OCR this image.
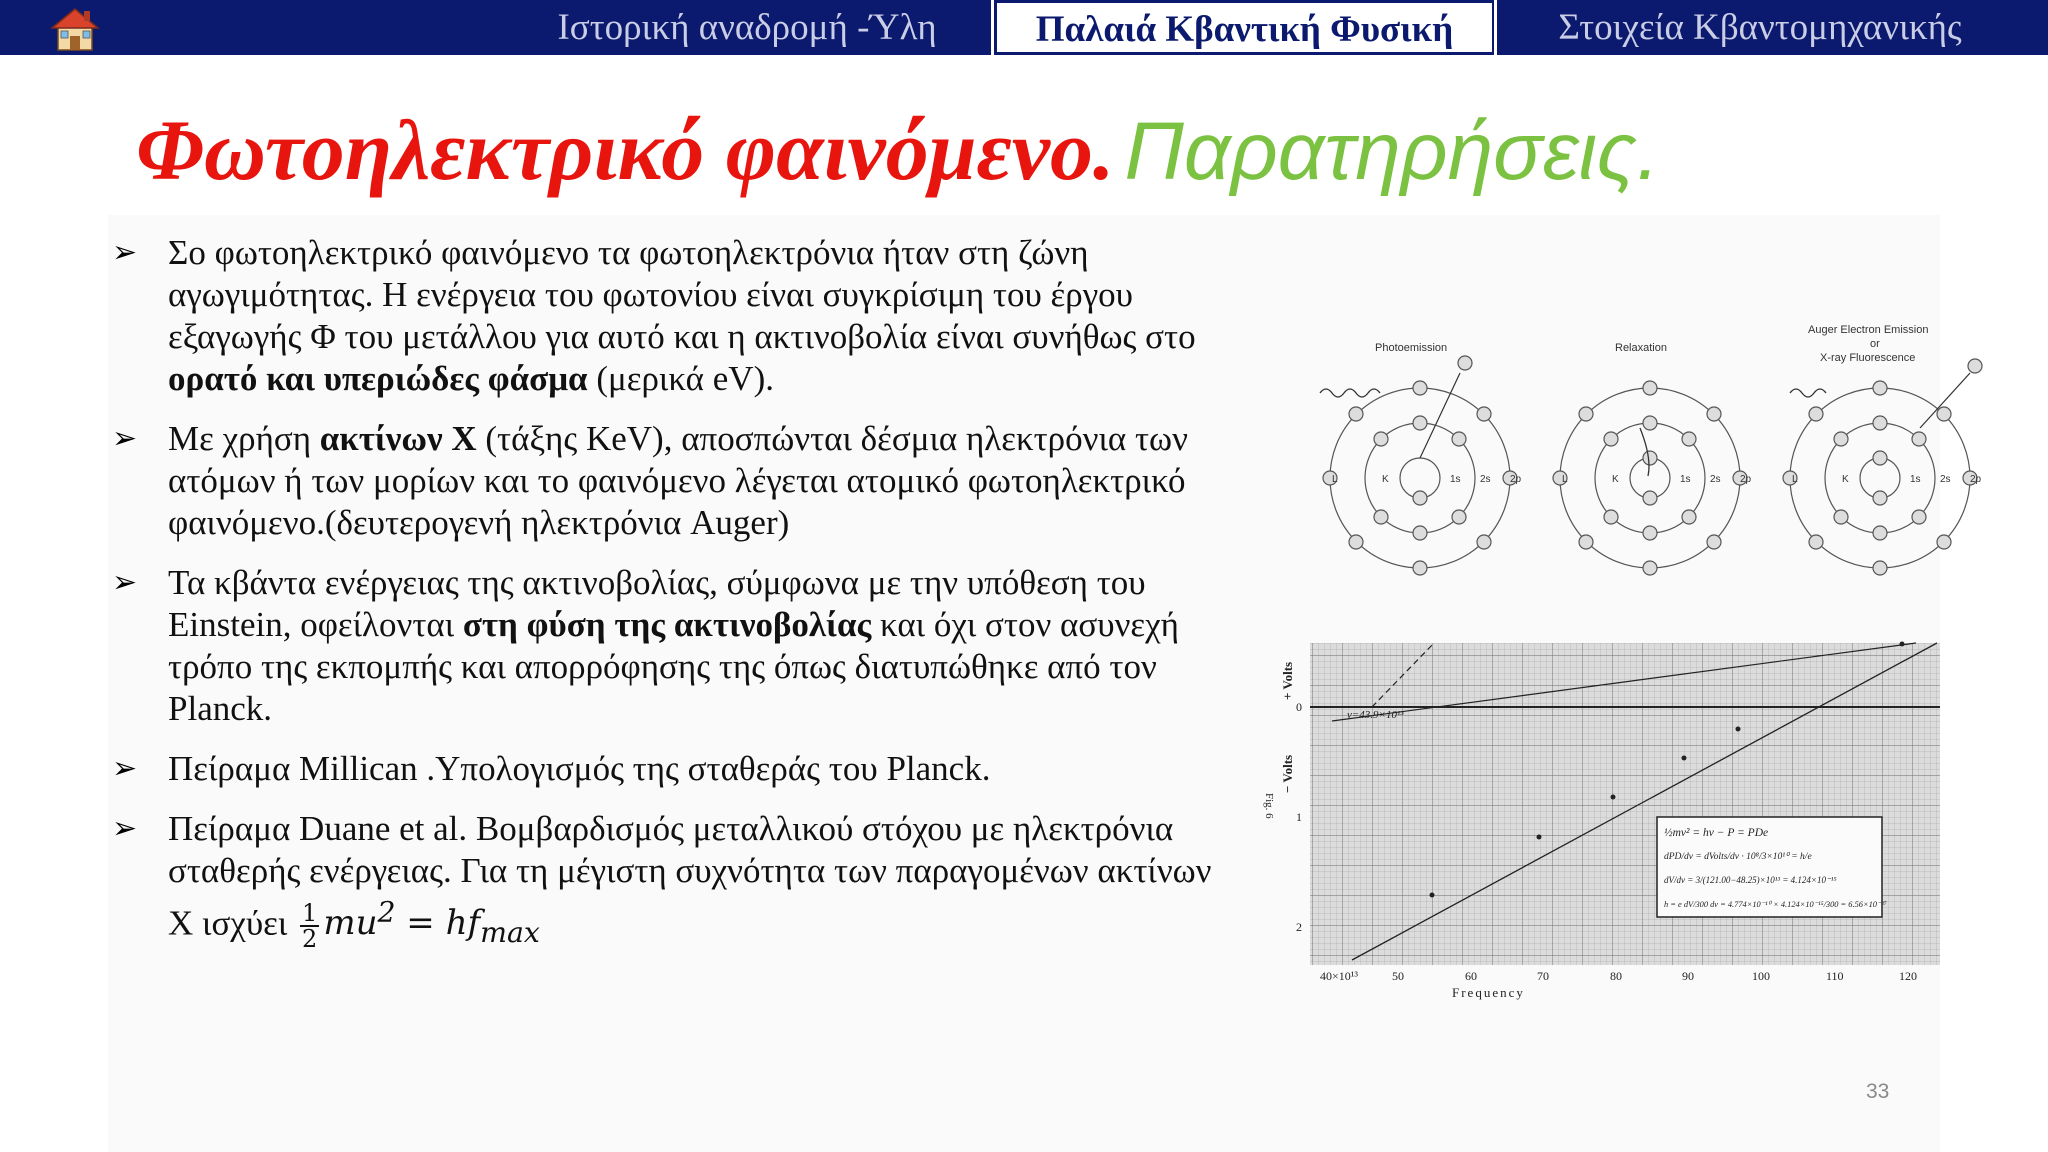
Ιστορική αναδρομή -Ύλη	Παλαιά Κβαντική Φυσική	Στοιχεία Κβαντομηχανικής
Φωτοηλεκτρικό φαινόμενο. Παρατηρήσεις.
➢ Σο φωτοηλεκτρικό φαινόμενο τα φωτοηλεκτρόνια ήταν στη ζώνη αγωγιμότητας. Η ενέργεια του φωτονίου είναι συγκρίσιμη του έργου εξαγωγής Φ του μετάλλου για αυτό και η ακτινοβολία είναι συνήθως στο ορατό και υπεριώδες φάσμα (μερικά eV).
➢ Με χρήση ακτίνων Χ (τάξης KeV), αποσπώνται δέσμια ηλεκτρόνια των ατόμων ή των μορίων και το φαινόμενο λέγεται ατομικό φωτοηλεκτρικό φαινόμενο.(δευτερογενή ηλεκτρόνια Auger)
➢ Τα κβάντα ενέργειας της ακτινοβολίας, σύμφωνα με την υπόθεση του Einstein, οφείλονται στη φύση της ακτινοβολίας και όχι στον ασυνεχή τρόπο της εκπομπής και απορρόφησης της όπως διατυπώθηκε από τον Planck.
➢ Πείραμα Millican .Υπολογισμός της σταθεράς του Planck.
➢ Πείραμα Duane et al. Βομβαρδισμός μεταλλικού στόχου με ηλεκτρόνια σταθερής ενέργειας. Για τη μέγιστη συχνότητα των παραγομένων ακτίνων Χ ισχύει $\frac{1}{2} mu^2 = hf_{max}$
Photoemission	Relaxation
Auger Electron Emission
or
X-ray Fluorescence
L	K	1s 2s 2p	L	K	1s 2s 2p	L	K	1s 2s 2p
ν=43.9×10¹³
0
1
2
40×10¹³	50	60	70	80	90	100	110	120
Frequency
+ Volts
− Volts
Fig. 6
½mv² = hν − P = PDe
dPD/dν = dVolts/dν · 10⁸/3×10¹⁰ = h/e
dV/dν = 3/(121.00−48.25)×10¹³ = 4.124×10⁻¹⁵
h = e dV/300 dν = 4.774×10⁻¹⁰ × 4.124×10⁻¹⁵/300 = 6.56×10⁻²⁷
33
